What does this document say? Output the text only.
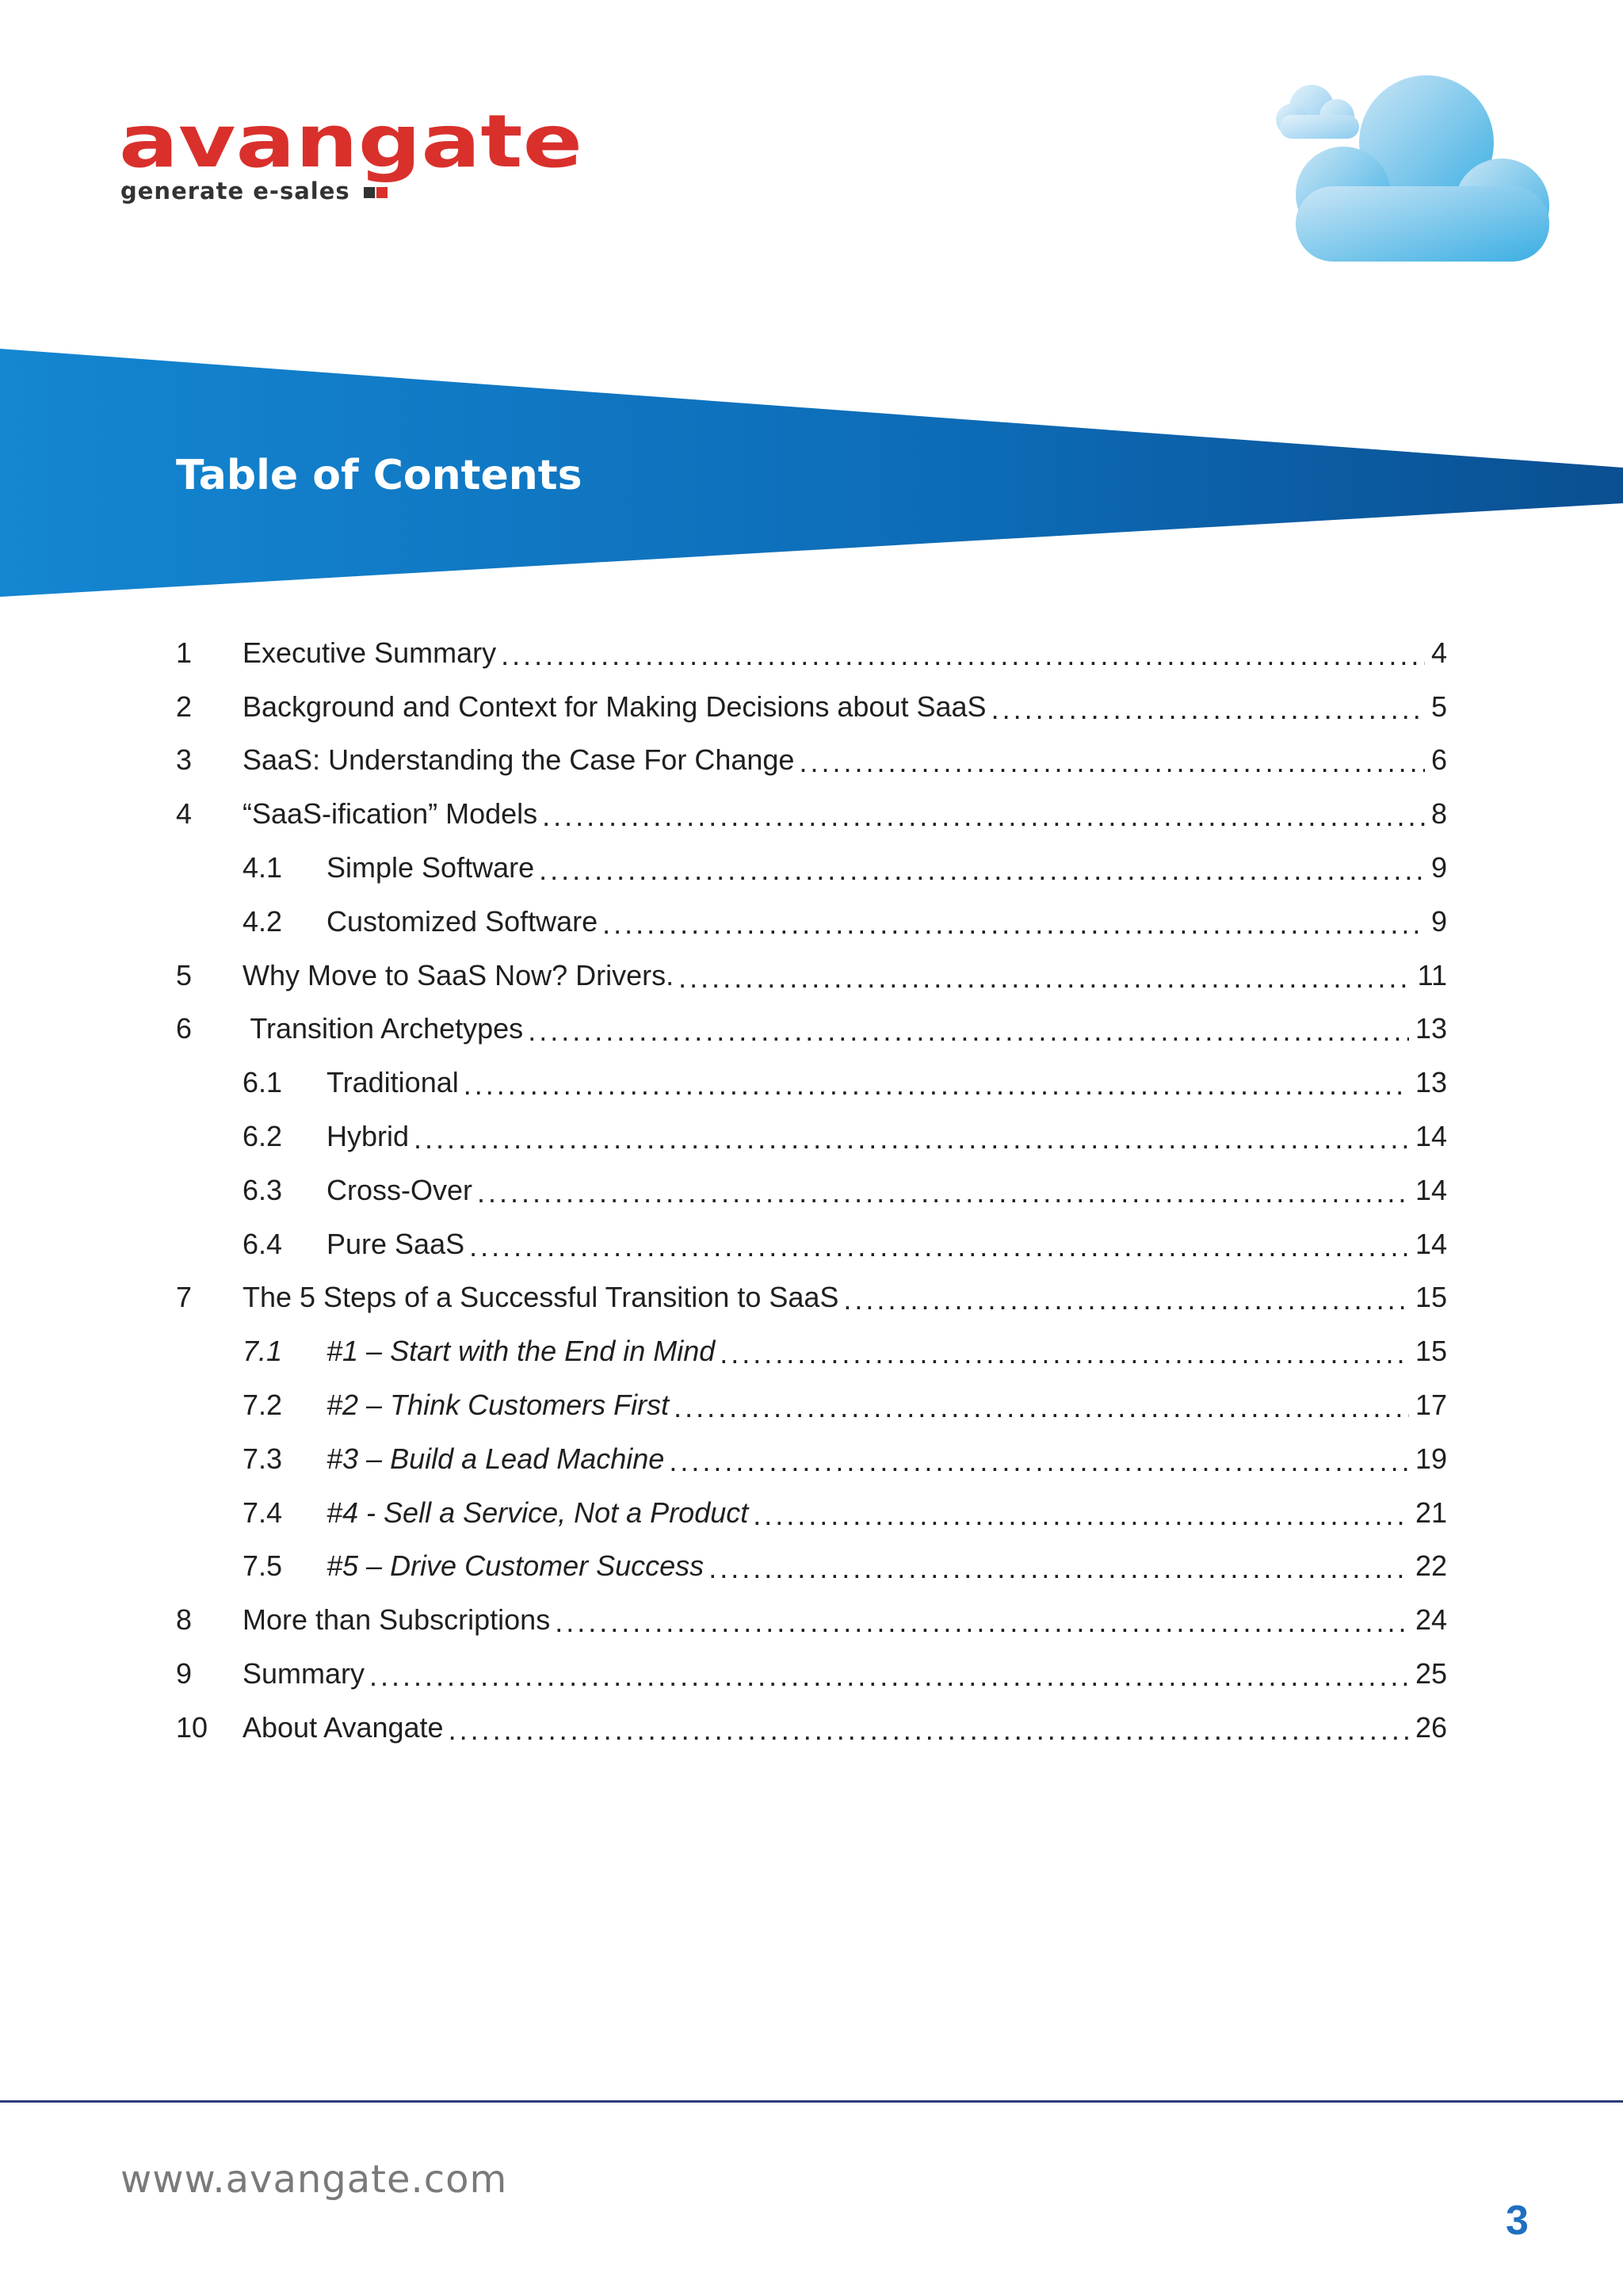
avangate
generate e-sales
Table of Contents
1	Executive Summary . . .	4
2	Background and Context for Making Decisions about SaaS . . .	5
3	SaaS: Understanding the Case For Change . . .	6
4	“SaaS-ification” Models . . .	8
4.1	Simple Software . . .	9
4.2	Customized Software . . .	9
5	Why Move to SaaS Now? Drivers. . . .	11
6	Transition Archetypes . . .	13
6.1	Traditional . . .	13
6.2	Hybrid . . .	14
6.3	Cross-Over . . .	14
6.4	Pure SaaS . . .	14
7	The 5 Steps of a Successful Transition to SaaS . . .	15
7.1	#1 – Start with the End in Mind . . .	15
7.2	#2 – Think Customers First . . .	17
7.3	#3 – Build a Lead Machine . . .	19
7.4	#4 - Sell a Service, Not a Product . . .	21
7.5	#5 – Drive Customer Success . . .	22
8	More than Subscriptions . . .	24
9	Summary . . .	25
10	About Avangate . . .	26
www.avangate.com
3
